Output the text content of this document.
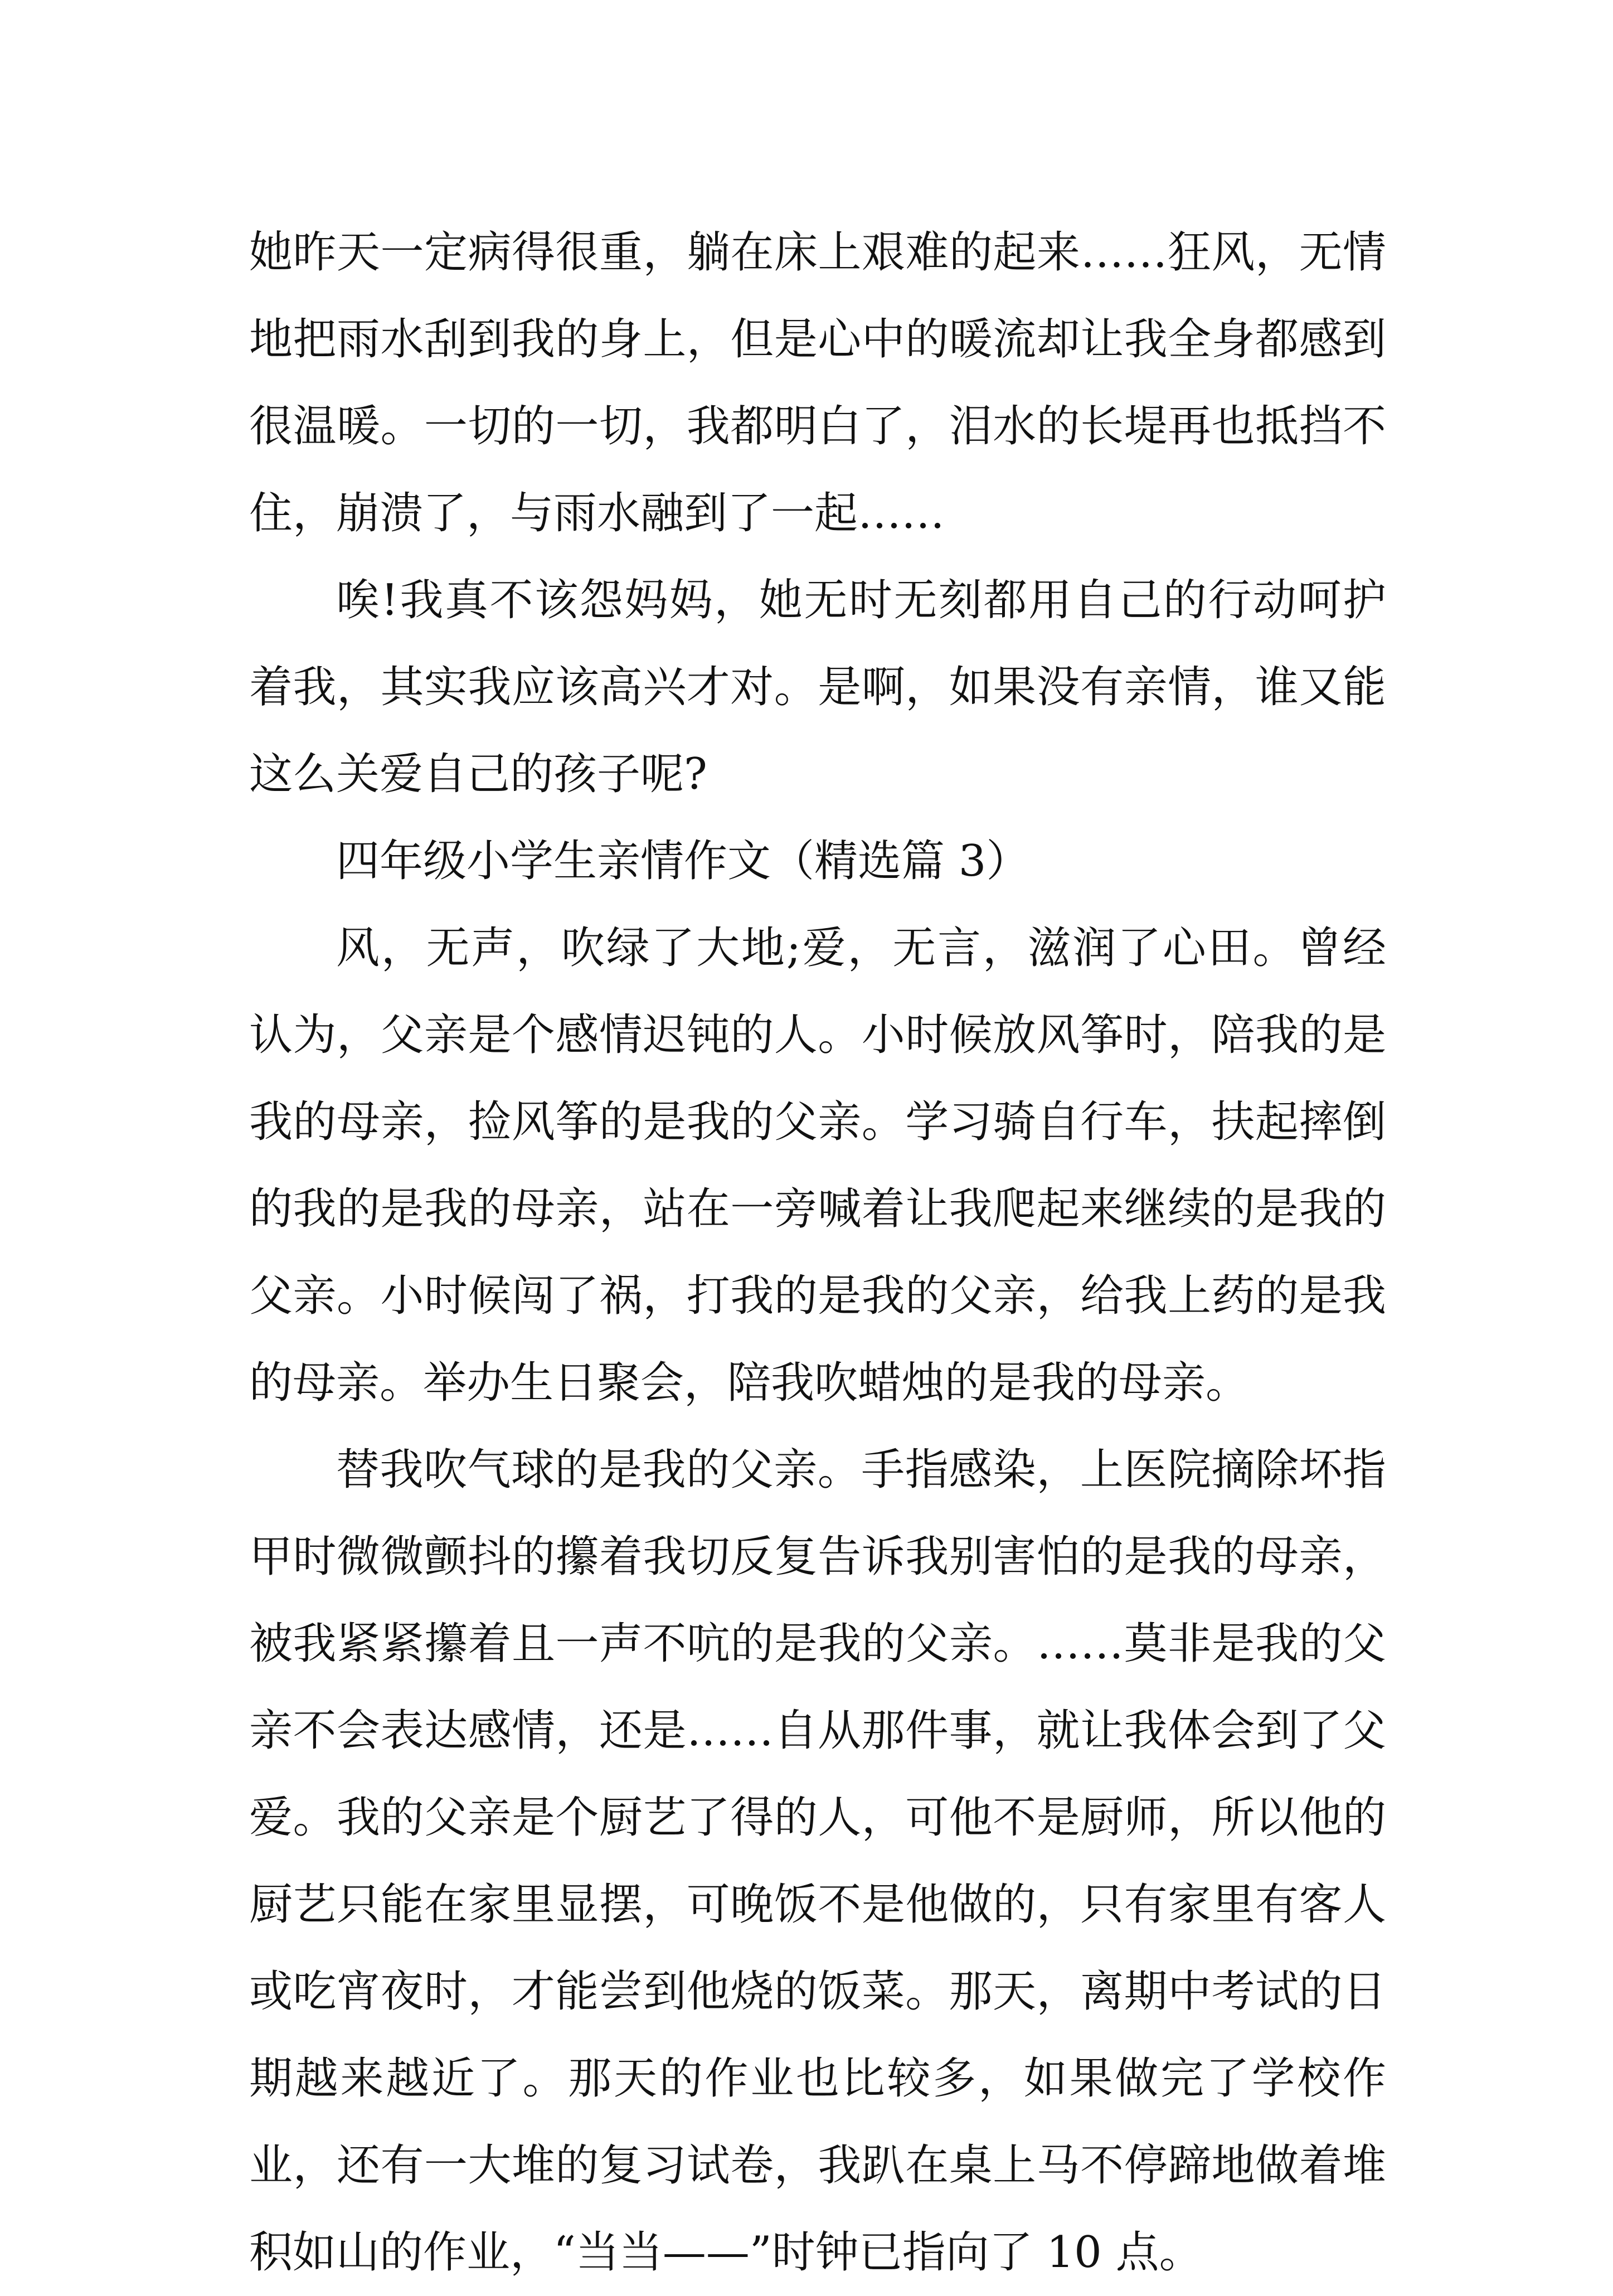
她昨天一定病得很重，躺在床上艰难的起来……狂风，无情地把雨水刮到我的身上，但是心中的暖流却让我全身都感到很温暖。一切的一切，我都明白了，泪水的长堤再也抵挡不住，崩溃了，与雨水融到了一起……

唉!我真不该怨妈妈，她无时无刻都用自己的行动呵护着我，其实我应该高兴才对。是啊，如果没有亲情，谁又能这么关爱自己的孩子呢?

四年级小学生亲情作文（精选篇 3）

风，无声，吹绿了大地;爱，无言，滋润了心田。曾经认为，父亲是个感情迟钝的人。小时候放风筝时，陪我的是我的母亲，捡风筝的是我的父亲。学习骑自行车，扶起摔倒的我的是我的母亲，站在一旁喊着让我爬起来继续的是我的父亲。小时候闯了祸，打我的是我的父亲，给我上药的是我的母亲。举办生日聚会，陪我吹蜡烛的是我的母亲。

替我吹气球的是我的父亲。手指感染，上医院摘除坏指甲时微微颤抖的攥着我切反复告诉我别害怕的是我的母亲，被我紧紧攥着且一声不吭的是我的父亲。……莫非是我的父亲不会表达感情，还是……自从那件事，就让我体会到了父爱。我的父亲是个厨艺了得的人，可他不是厨师，所以他的厨艺只能在家里显摆，可晚饭不是他做的，只有家里有客人或吃宵夜时，才能尝到他烧的饭菜。那天，离期中考试的日期越来越近了。那天的作业也比较多，如果做完了学校作业，还有一大堆的复习试卷，我趴在桌上马不停蹄地做着堆积如山的作业，“当当——”时钟已指向了 10 点。
